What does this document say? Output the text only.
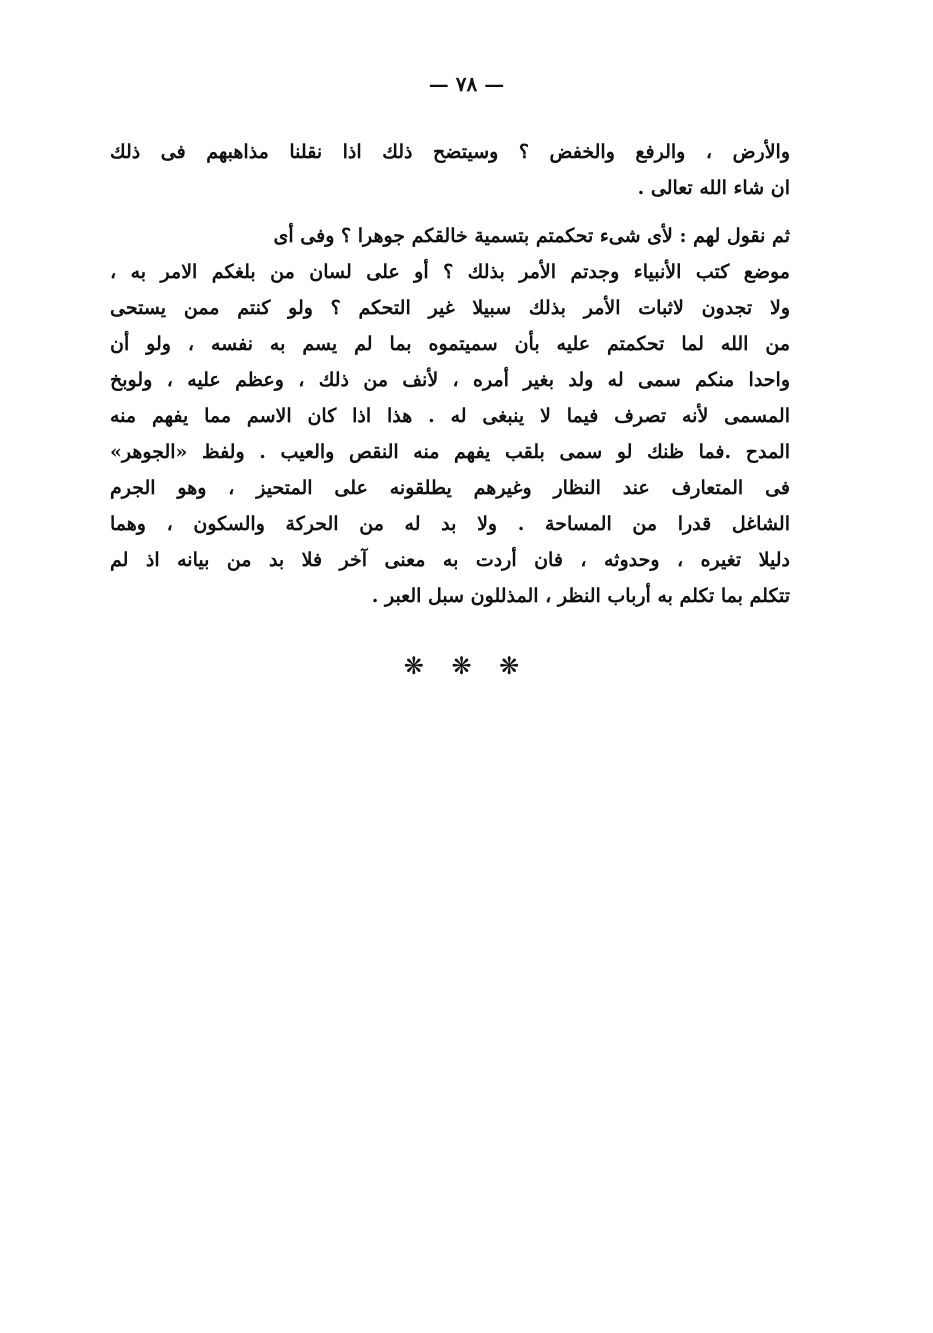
— ٧٨ —
والأرض ، والرفع والخفض ؟ وسيتضح ذلك اذا نقلنا مذاهبهم فى ذلك
ان شاء الله تعالى .
ثم نقول لهم : لأى شىء تحكمتم بتسمية خالقكم جوهرا ؟ وفى أى
موضع كتب الأنبياء وجدتم الأمر بذلك ؟ أو على لسان من بلغكم الامر به ،
ولا تجدون لاثبات الأمر بذلك سبيلا غير التحكم ؟ ولو كنتم ممن يستحى
من الله لما تحكمتم عليه بأن سميتموه بما لم يسم به نفسه ، ولو أن
واحدا منكم سمى له ولد بغير أمره ، لأنف من ذلك ، وعظم عليه ، ولوبخ
المسمى لأنه تصرف فيما لا ينبغى له . هذا اذا كان الاسم مما يفهم منه
المدح .فما ظنك لو سمى بلقب يفهم منه النقص والعيب . ولفظ «الجوهر»
فى المتعارف عند النظار وغيرهم يطلقونه على المتحيز ، وهو الجرم
الشاغل قدرا من المساحة . ولا بد له من الحركة والسكون ، وهما
دليلا تغيره ، وحدوثه ، فان أردت به معنى آخر فلا بد من بيانه اذ لم
تتكلم بما تكلم به أرباب النظر ، المذللون سبل العبر .
❋ ❋ ❋
